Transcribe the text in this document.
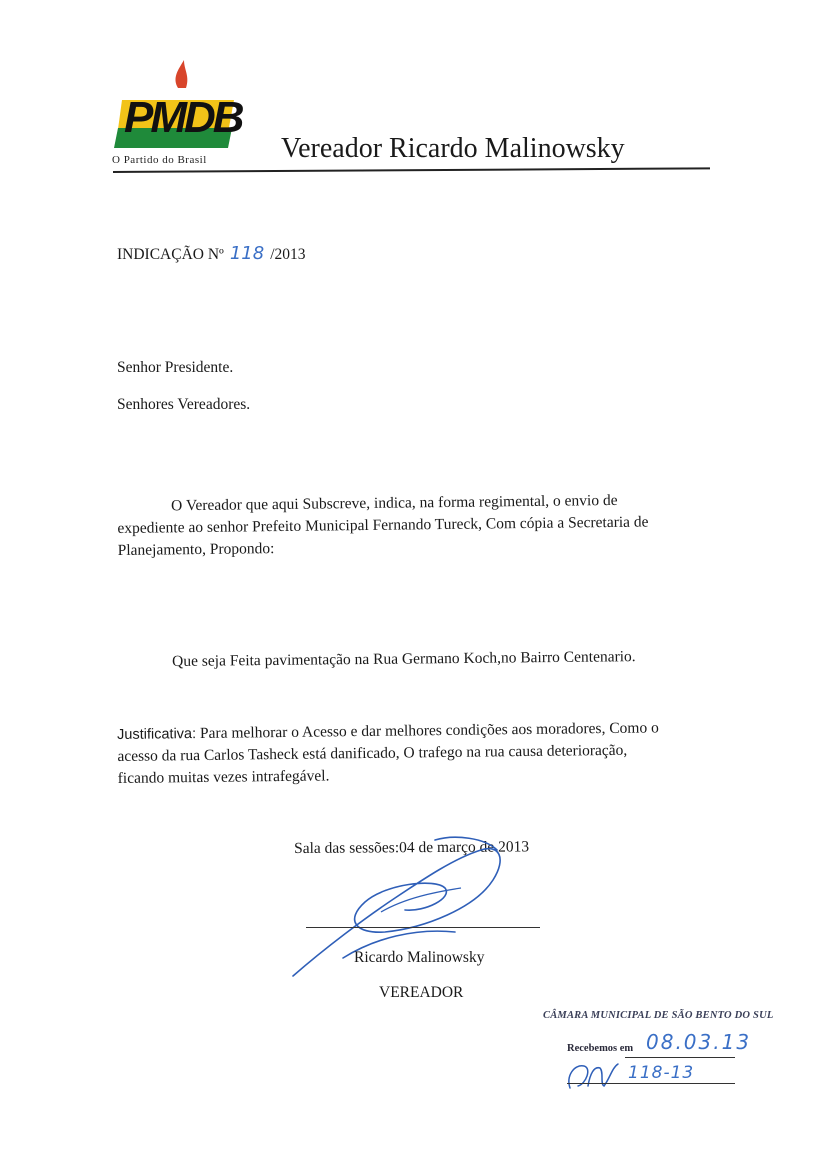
PMDB
O Partido do Brasil	Vereador Ricardo Malinowsky
INDICAÇÃO Nº 118 /2013
Senhor Presidente.
Senhores Vereadores.

O Vereador que aqui Subscreve, indica, na forma regimental, o envio de

expediente ao senhor Prefeito Municipal Fernando Tureck, Com cópia a Secretaria de

Planejamento, Propondo:

Que seja Feita pavimentação na Rua Germano Koch,no Bairro Centenario.

Justificativa: Para melhorar o Acesso e dar melhores condições aos moradores, Como o

acesso da rua Carlos Tasheck está danificado, O trafego na rua causa deterioração,

ficando muitas vezes intrafegável.

Sala das sessões:04 de março de 2013
Ricardo Malinowsky
VEREADOR
CÂMARA MUNICIPAL DE SÃO BENTO DO SUL
Recebemos em 08.03.13
118-13
